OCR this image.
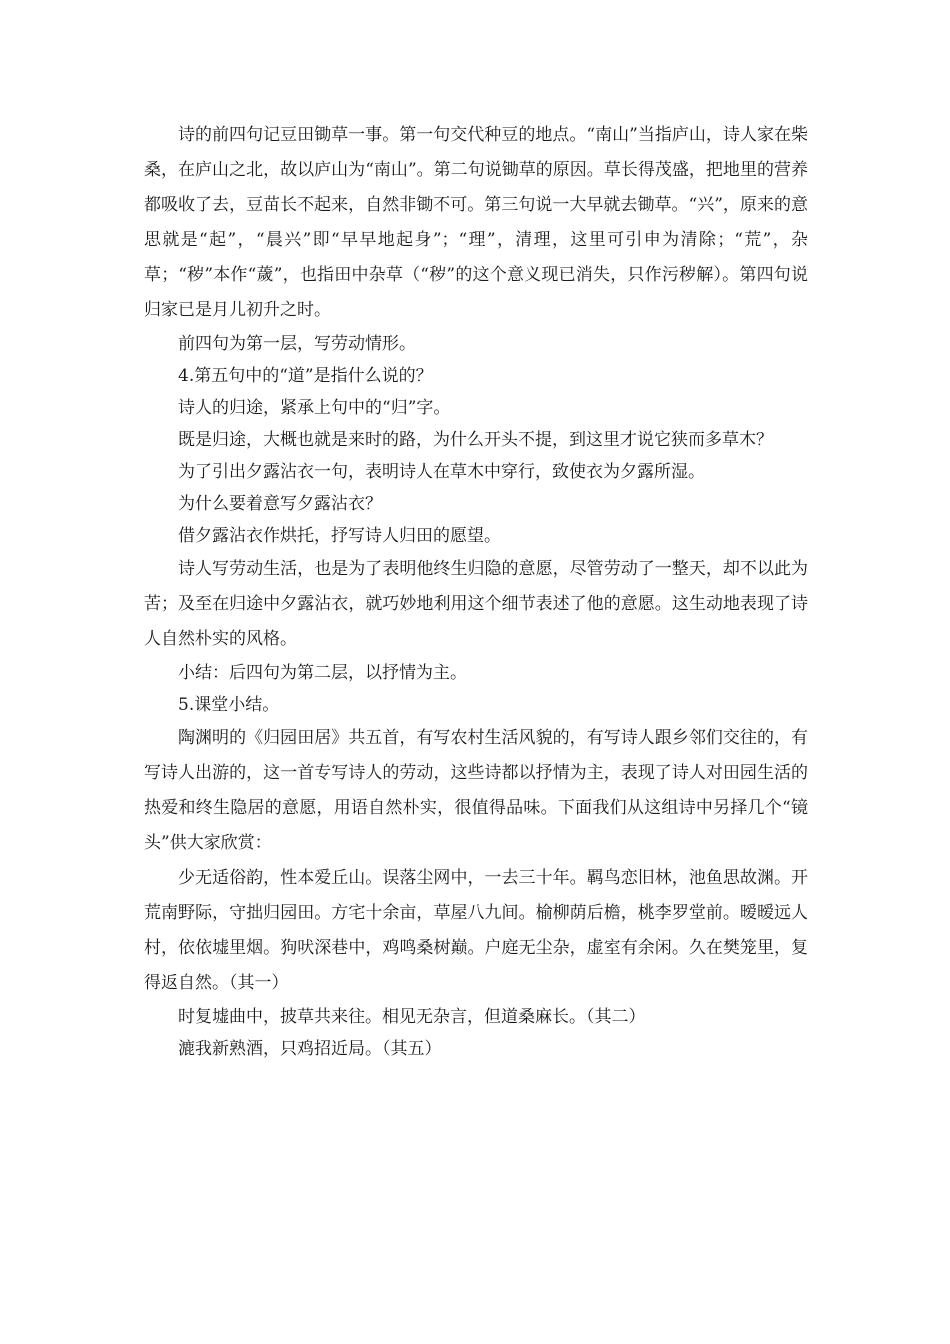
诗的前四句记豆田锄草一事。第一句交代种豆的地点。“南山”当指庐山，诗人家在柴桑，在庐山之北，故以庐山为“南山”。第二句说锄草的原因。草长得茂盛，把地里的营养都吸收了去，豆苗长不起来，自然非锄不可。第三句说一大早就去锄草。“兴”，原来的意思就是“起”，“晨兴”即“早早地起身”；“理”，清理，这里可引申为清除；“荒”，杂草；“秽”本作“薉”，也指田中杂草（“秽”的这个意义现已消失，只作污秽解）。第四句说归家已是月儿初升之时。

前四句为第一层，写劳动情形。

4.第五句中的“道”是指什么说的？

诗人的归途，紧承上句中的“归”字。

既是归途，大概也就是来时的路，为什么开头不提，到这里才说它狭而多草木？

为了引出夕露沾衣一句，表明诗人在草木中穿行，致使衣为夕露所湿。

为什么要着意写夕露沾衣？

借夕露沾衣作烘托，抒写诗人归田的愿望。

诗人写劳动生活，也是为了表明他终生归隐的意愿，尽管劳动了一整天，却不以此为苦；及至在归途中夕露沾衣，就巧妙地利用这个细节表述了他的意愿。这生动地表现了诗人自然朴实的风格。

小结：后四句为第二层，以抒情为主。

5.课堂小结。

陶渊明的《归园田居》共五首，有写农村生活风貌的，有写诗人跟乡邻们交往的，有写诗人出游的，这一首专写诗人的劳动，这些诗都以抒情为主，表现了诗人对田园生活的热爱和终生隐居的意愿，用语自然朴实，很值得品味。下面我们从这组诗中另择几个“镜头”供大家欣赏：

少无适俗韵，性本爱丘山。误落尘网中，一去三十年。羁鸟恋旧林，池鱼思故渊。开荒南野际，守拙归园田。方宅十余亩，草屋八九间。榆柳荫后檐，桃李罗堂前。暧暧远人村，依依墟里烟。狗吠深巷中，鸡鸣桑树巅。户庭无尘杂，虚室有余闲。久在樊笼里，复得返自然。（其一）

时复墟曲中，披草共来往。相见无杂言，但道桑麻长。（其二）

漉我新熟酒，只鸡招近局。（其五）
